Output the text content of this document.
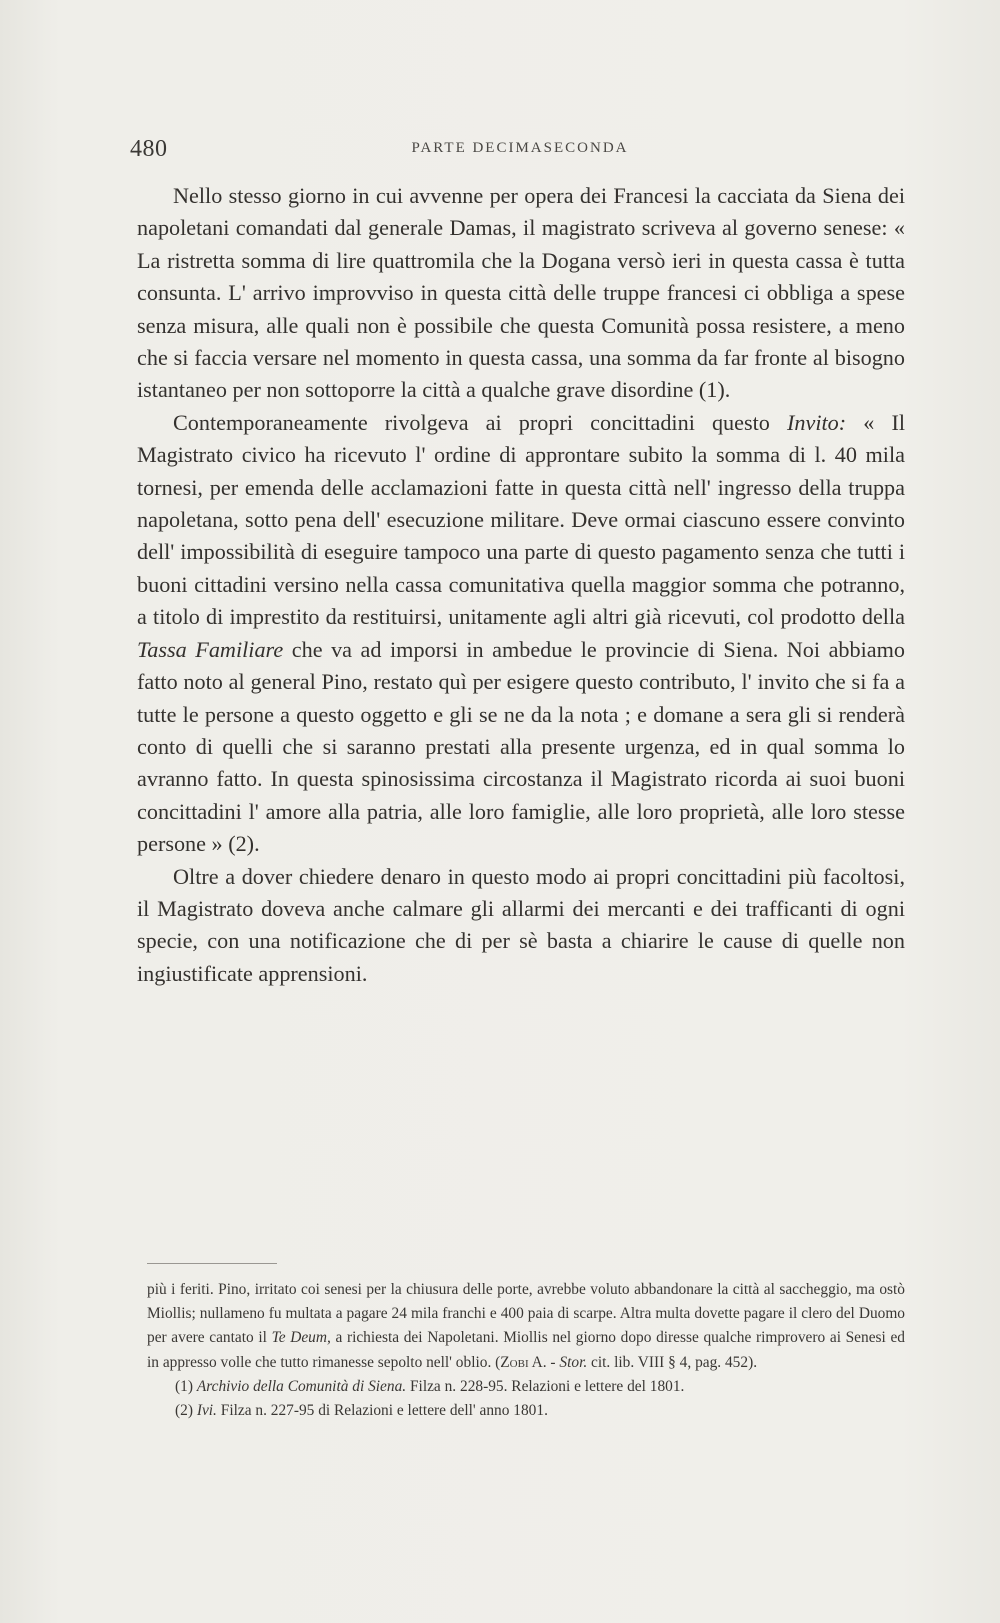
480	PARTE DECIMASECONDA

Nello stesso giorno in cui avvenne per opera dei Francesi la cacciata da Siena dei napoletani comandati dal generale Damas, il magistrato scriveva al governo senese: « La ristretta somma di lire quattromila che la Dogana versò ieri in questa cassa è tutta consunta. L' arrivo improvviso in questa città delle truppe francesi ci obbliga a spese senza misura, alle quali non è possibile che questa Comunità possa resistere, a meno che si faccia versare nel momento in questa cassa, una somma da far fronte al bisogno istantaneo per non sottoporre la città a qualche grave disordine (1).

Contemporaneamente rivolgeva ai propri concittadini questo Invito: « Il Magistrato civico ha ricevuto l' ordine di approntare subito la somma di l. 40 mila tornesi, per emenda delle acclamazioni fatte in questa città nell' ingresso della truppa napoletana, sotto pena dell' esecuzione militare. Deve ormai ciascuno essere convinto dell' impossibilità di eseguire tampoco una parte di questo pagamento senza che tutti i buoni cittadini versino nella cassa comunitativa quella maggior somma che potranno, a titolo di imprestito da restituirsi, unitamente agli altri già ricevuti, col prodotto della Tassa Familiare che va ad imporsi in ambedue le provincie di Siena. Noi abbiamo fatto noto al general Pino, restato quì per esigere questo contributo, l' invito che si fa a tutte le persone a questo oggetto e gli se ne da la nota ; e domane a sera gli si renderà conto di quelli che si saranno prestati alla presente urgenza, ed in qual somma lo avranno fatto. In questa spinosissima circostanza il Magistrato ricorda ai suoi buoni concittadini l' amore alla patria, alle loro famiglie, alle loro proprietà, alle loro stesse persone » (2).

Oltre a dover chiedere denaro in questo modo ai propri concittadini più facoltosi, il Magistrato doveva anche calmare gli allarmi dei mercanti e dei trafficanti di ogni specie, con una notificazione che di per sè basta a chiarire le cause di quelle non ingiustificate apprensioni.

più i feriti. Pino, irritato coi senesi per la chiusura delle porte, avrebbe voluto abbandonare la città al saccheggio, ma ostò Miollis; nullameno fu multata a pagare 24 mila franchi e 400 paia di scarpe. Altra multa dovette pagare il clero del Duomo per avere cantato il Te Deum, a richiesta dei Napoletani. Miollis nel giorno dopo diresse qualche rimprovero ai Senesi ed in appresso volle che tutto rimanesse sepolto nell' oblio. (Zobi A. - Stor. cit. lib. VIII § 4, pag. 452).

(1) Archivio della Comunità di Siena. Filza n. 228-95. Relazioni e lettere del 1801.

(2) Ivi. Filza n. 227-95 di Relazioni e lettere dell' anno 1801.
